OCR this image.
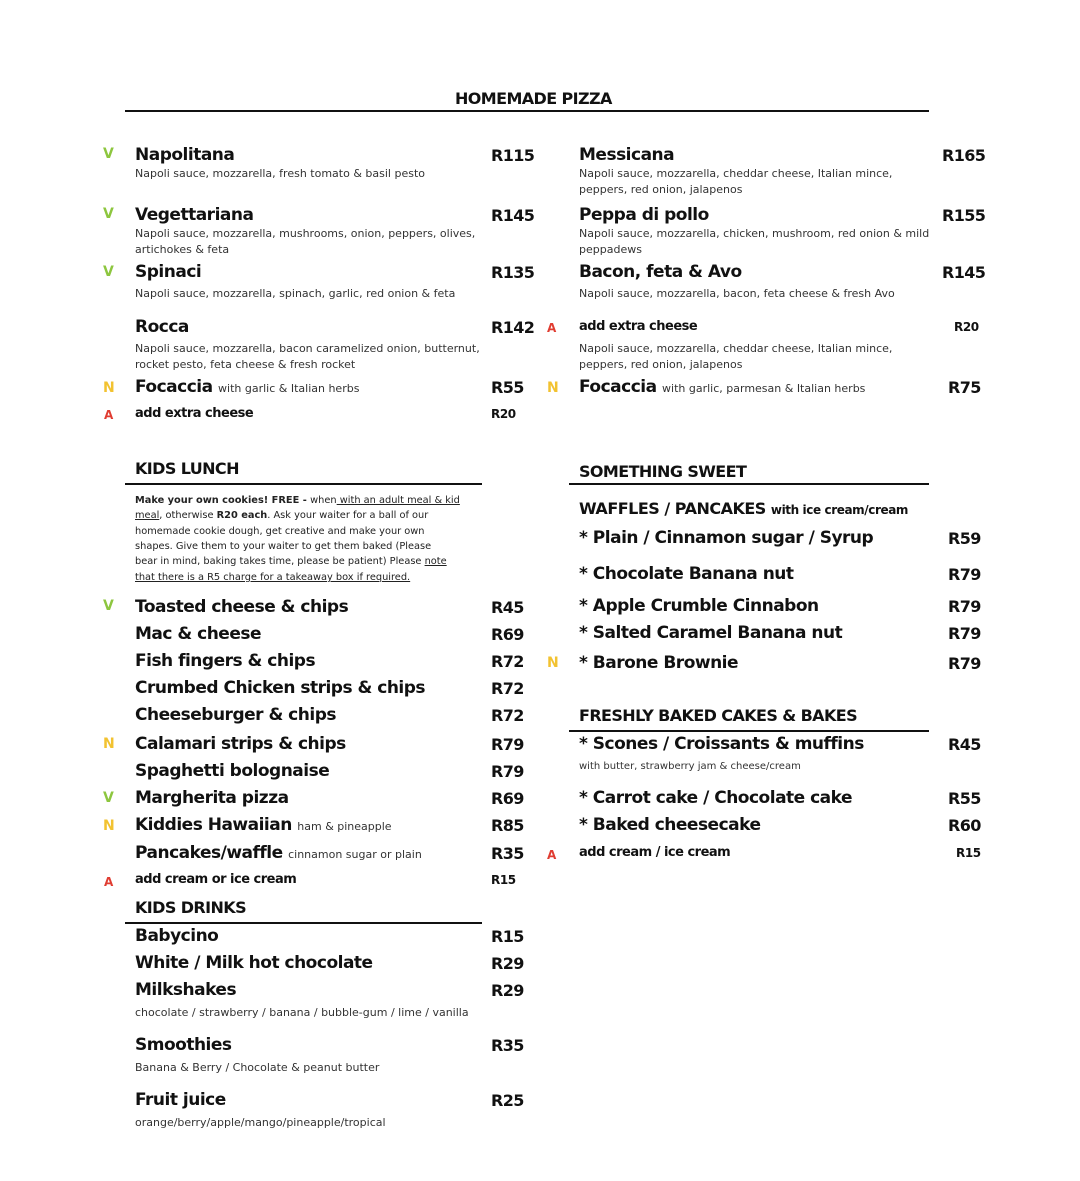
HOMEMADE PIZZA
V Napolitana	R115
Napoli sauce, mozzarella, fresh tomato & basil pesto
V Vegettariana	R145
Napoli sauce, mozzarella, mushrooms, onion, peppers, olives,
artichokes & feta
V Spinaci	R135
Napoli sauce, mozzarella, spinach, garlic, red onion & feta
Rocca	R142
Napoli sauce, mozzarella, bacon caramelized onion, butternut,
rocket pesto, feta cheese & fresh rocket
N Focaccia with garlic & Italian herbs	R55
A add extra cheese	R20
Messicana	R165
Napoli sauce, mozzarella, cheddar cheese, Italian mince,
peppers, red onion, jalapenos
Peppa di pollo	R155
Napoli sauce, mozzarella, chicken, mushroom, red onion & mild
peppadews
Bacon, feta & Avo	R145
Napoli sauce, mozzarella, bacon, feta cheese & fresh Avo
A add extra cheese	R20
Napoli sauce, mozzarella, cheddar cheese, Italian mince,
peppers, red onion, jalapenos
N Focaccia with garlic, parmesan & Italian herbs	R75
KIDS LUNCH
Make your own cookies! FREE - when with an adult meal & kid
meal, otherwise R20 each. Ask your waiter for a ball of our
homemade cookie dough, get creative and make your own
shapes. Give them to your waiter to get them baked (Please
bear in mind, baking takes time, please be patient) Please note
that there is a R5 charge for a takeaway box if required.
V Toasted cheese & chips	R45
Mac & cheese	R69
Fish fingers & chips	R72
Crumbed Chicken strips & chips	R72
Cheeseburger & chips	R72
N Calamari strips & chips	R79
Spaghetti bolognaise	R79
V Margherita pizza	R69
N Kiddies Hawaiian ham & pineapple	R85
Pancakes/waffle cinnamon sugar or plain	R35
A add cream or ice cream	R15
KIDS DRINKS
Babycino	R15
White / Milk hot chocolate	R29
Milkshakes	R29
chocolate / strawberry / banana / bubble-gum / lime / vanilla
Smoothies	R35
Banana & Berry / Chocolate & peanut butter
Fruit juice	R25
orange/berry/apple/mango/pineapple/tropical
SOMETHING SWEET
WAFFLES / PANCAKES with ice cream/cream
* Plain / Cinnamon sugar / Syrup	R59
* Chocolate Banana nut	R79
* Apple Crumble Cinnabon	R79
* Salted Caramel Banana nut	R79
N * Barone Brownie	R79
FRESHLY BAKED CAKES & BAKES
* Scones / Croissants & muffins	R45
with butter, strawberry jam & cheese/cream
* Carrot cake / Chocolate cake	R55
* Baked cheesecake	R60
A add cream / ice cream	R15
